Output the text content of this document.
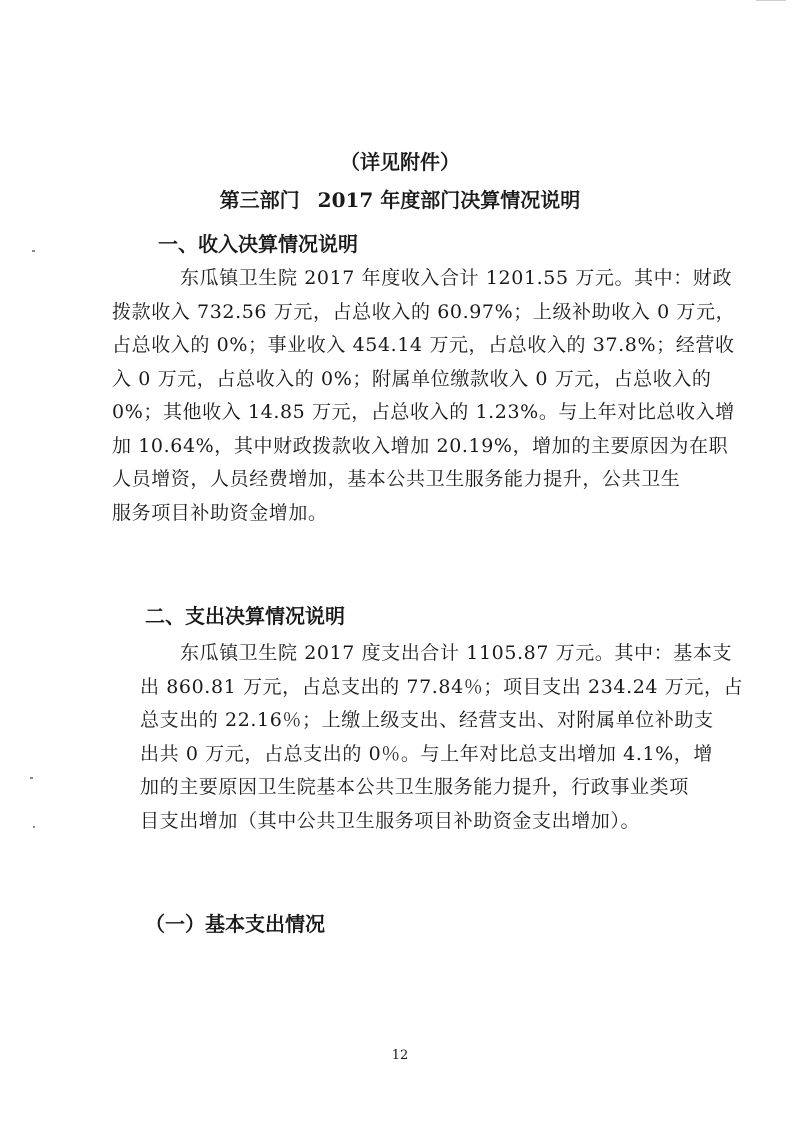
（详见附件）
第三部门 2017 年度部门决算情况说明
一、收入决算情况说明
东瓜镇卫生院 2017 年度收入合计 1201.55 万元。其中：财政
拨款收入 732.56 万元，占总收入的 60.97%；上级补助收入 0 万元，
占总收入的 0%；事业收入 454.14 万元，占总收入的 37.8%；经营收
入 0 万元，占总收入的 0%；附属单位缴款收入 0 万元，占总收入的
0%；其他收入 14.85 万元，占总收入的 1.23%。与上年对比总收入增
加 10.64%，其中财政拨款收入增加 20.19%，增加的主要原因为在职
人员增资，人员经费增加，基本公共卫生服务能力提升，公共卫生
服务项目补助资金增加。
二、支出决算情况说明
东瓜镇卫生院 2017 度支出合计 1105.87 万元。其中：基本支
出 860.81 万元，占总支出的 77.84％；项目支出 234.24 万元，占
总支出的 22.16％；上缴上级支出、经营支出、对附属单位补助支
出共 0 万元，占总支出的 0％。与上年对比总支出增加 4.1%，增
加的主要原因卫生院基本公共卫生服务能力提升，行政事业类项
目支出增加（其中公共卫生服务项目补助资金支出增加）。
（一）基本支出情况
12
